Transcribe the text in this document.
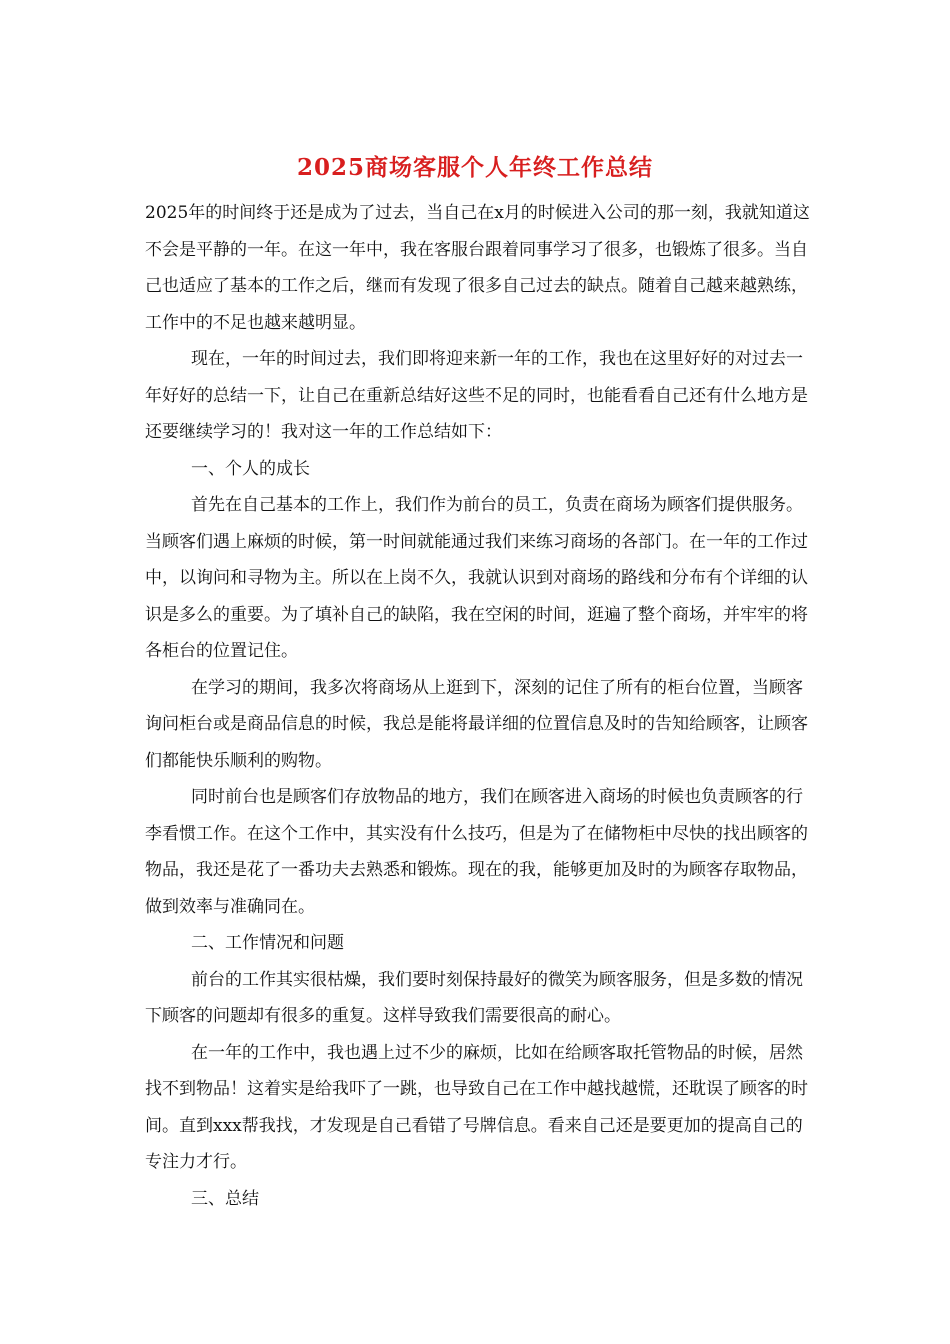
2025商场客服个人年终工作总结

2025年的时间终于还是成为了过去，当自己在x月的时候进入公司的那一刻，我就知道这不会是平静的一年。在这一年中，我在客服台跟着同事学习了很多，也锻炼了很多。当自己也适应了基本的工作之后，继而有发现了很多自己过去的缺点。随着自己越来越熟练，工作中的不足也越来越明显。

现在，一年的时间过去，我们即将迎来新一年的工作，我也在这里好好的对过去一年好好的总结一下，让自己在重新总结好这些不足的同时，也能看看自己还有什么地方是还要继续学习的！我对这一年的工作总结如下：

一、个人的成长

首先在自己基本的工作上，我们作为前台的员工，负责在商场为顾客们提供服务。当顾客们遇上麻烦的时候，第一时间就能通过我们来练习商场的各部门。在一年的工作过中，以询问和寻物为主。所以在上岗不久，我就认识到对商场的路线和分布有个详细的认识是多么的重要。为了填补自己的缺陷，我在空闲的时间，逛遍了整个商场，并牢牢的将各柜台的位置记住。

在学习的期间，我多次将商场从上逛到下，深刻的记住了所有的柜台位置，当顾客询问柜台或是商品信息的时候，我总是能将最详细的位置信息及时的告知给顾客，让顾客们都能快乐顺利的购物。

同时前台也是顾客们存放物品的地方，我们在顾客进入商场的时候也负责顾客的行李看惯工作。在这个工作中，其实没有什么技巧，但是为了在储物柜中尽快的找出顾客的物品，我还是花了一番功夫去熟悉和锻炼。现在的我，能够更加及时的为顾客存取物品，做到效率与准确同在。

二、工作情况和问题

前台的工作其实很枯燥，我们要时刻保持最好的微笑为顾客服务，但是多数的情况下顾客的问题却有很多的重复。这样导致我们需要很高的耐心。

在一年的工作中，我也遇上过不少的麻烦，比如在给顾客取托管物品的时候，居然找不到物品！这着实是给我吓了一跳，也导致自己在工作中越找越慌，还耽误了顾客的时间。直到xxx帮我找，才发现是自己看错了号牌信息。看来自己还是要更加的提高自己的专注力才行。

三、总结
